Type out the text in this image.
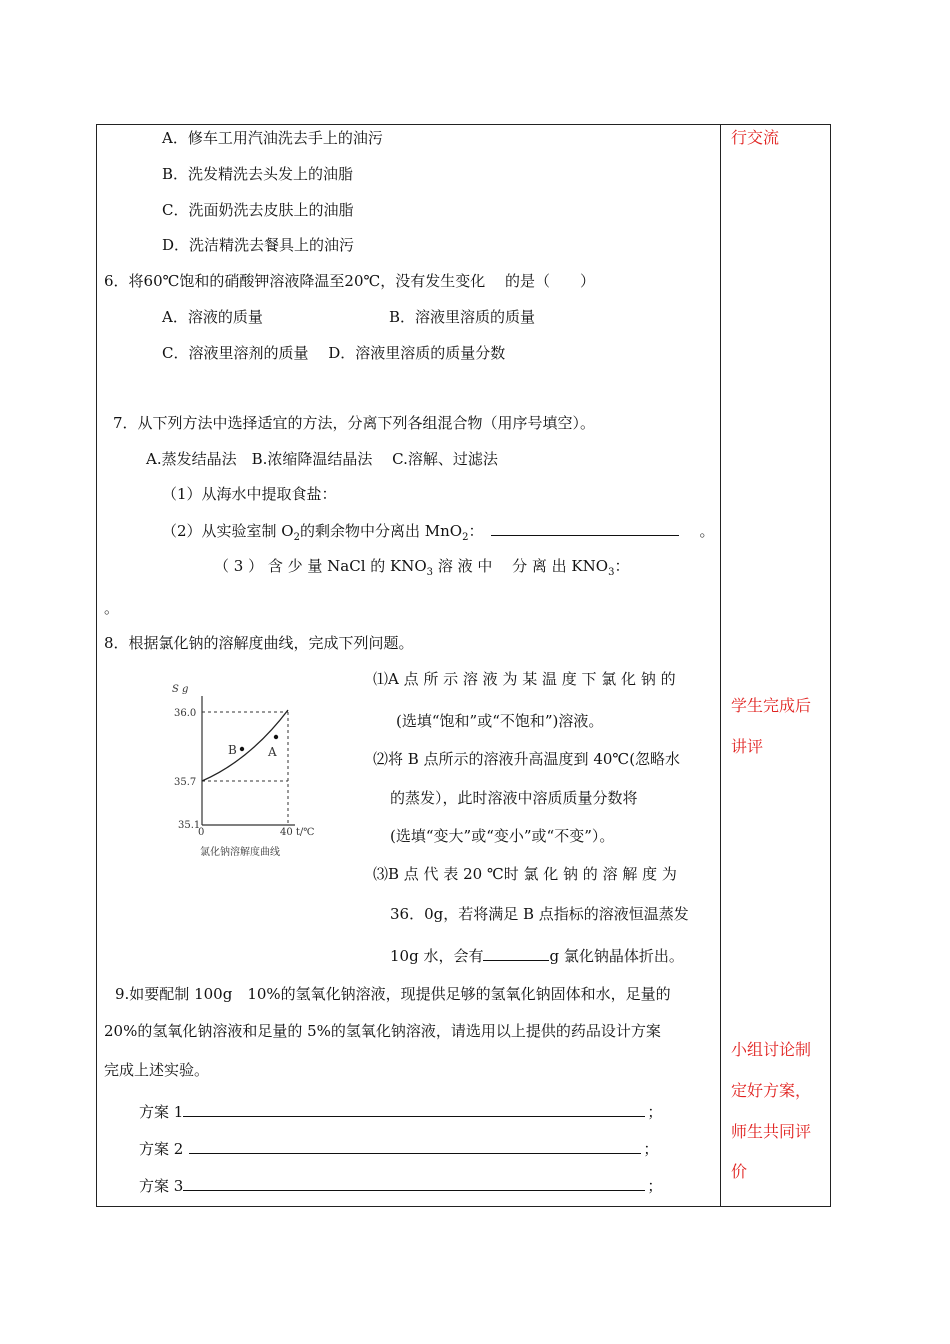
A．修车工用汽油洗去手上的油污
B．洗发精洗去头发上的油脂
C．洗面奶洗去皮肤上的油脂
D．洗洁精洗去餐具上的油污
6．将60℃饱和的硝酸钾溶液降温至20℃，没有发生变化　 的是（　　）
A．溶液的质量	B．溶液里溶质的质量
C．溶液里溶剂的质量　 D．溶液里溶质的质量分数
7．从下列方法中选择适宜的方法，分离下列各组混合物（用序号填空）。
A.蒸发结晶法　B.浓缩降温结晶法　 C.溶解、过滤法
（1）从海水中提取食盐：
（2）从实验室制 $O_2$的剩余物中分离出 MnO$_2$：	。
（ 3 ） 含 少 量 NaCl 的 $KNO_3$ 溶 液 中　 分 离 出 $KNO_3$：
。
8．根据氯化钠的溶解度曲线，完成下列问题。
S g
36.0
35.7
35.1
0	40 t/℃
B	A
氯化钠溶解度曲线
⑴A 点 所 示 溶 液 为 某 温 度 下 氯 化 钠 的
(选填“饱和”或“不饱和”)溶液。
⑵将 B 点所示的溶液升高温度到 40℃(忽略水
的蒸发），此时溶液中溶质质量分数将
(选填“变大”或“变小”或“不变”）。
⑶B 点 代 表 20 ℃时 氯 化 钠 的 溶 解 度 为
36．0g，若将满足 B 点指标的溶液恒温蒸发
10g 水，会有	g 氯化钠晶体折出。
9.如要配制 100g　10%的氢氧化钠溶液，现提供足够的氢氧化钠固体和水，足量的
20%的氢氧化钠溶液和足量的 5%的氢氧化钠溶液，请选用以上提供的药品设计方案
完成上述实验。
方案 1	；
方案 2	；
方案 3	；
行交流
学生完成后
讲评
小组讨论制
定好方案，
师生共同评
价
